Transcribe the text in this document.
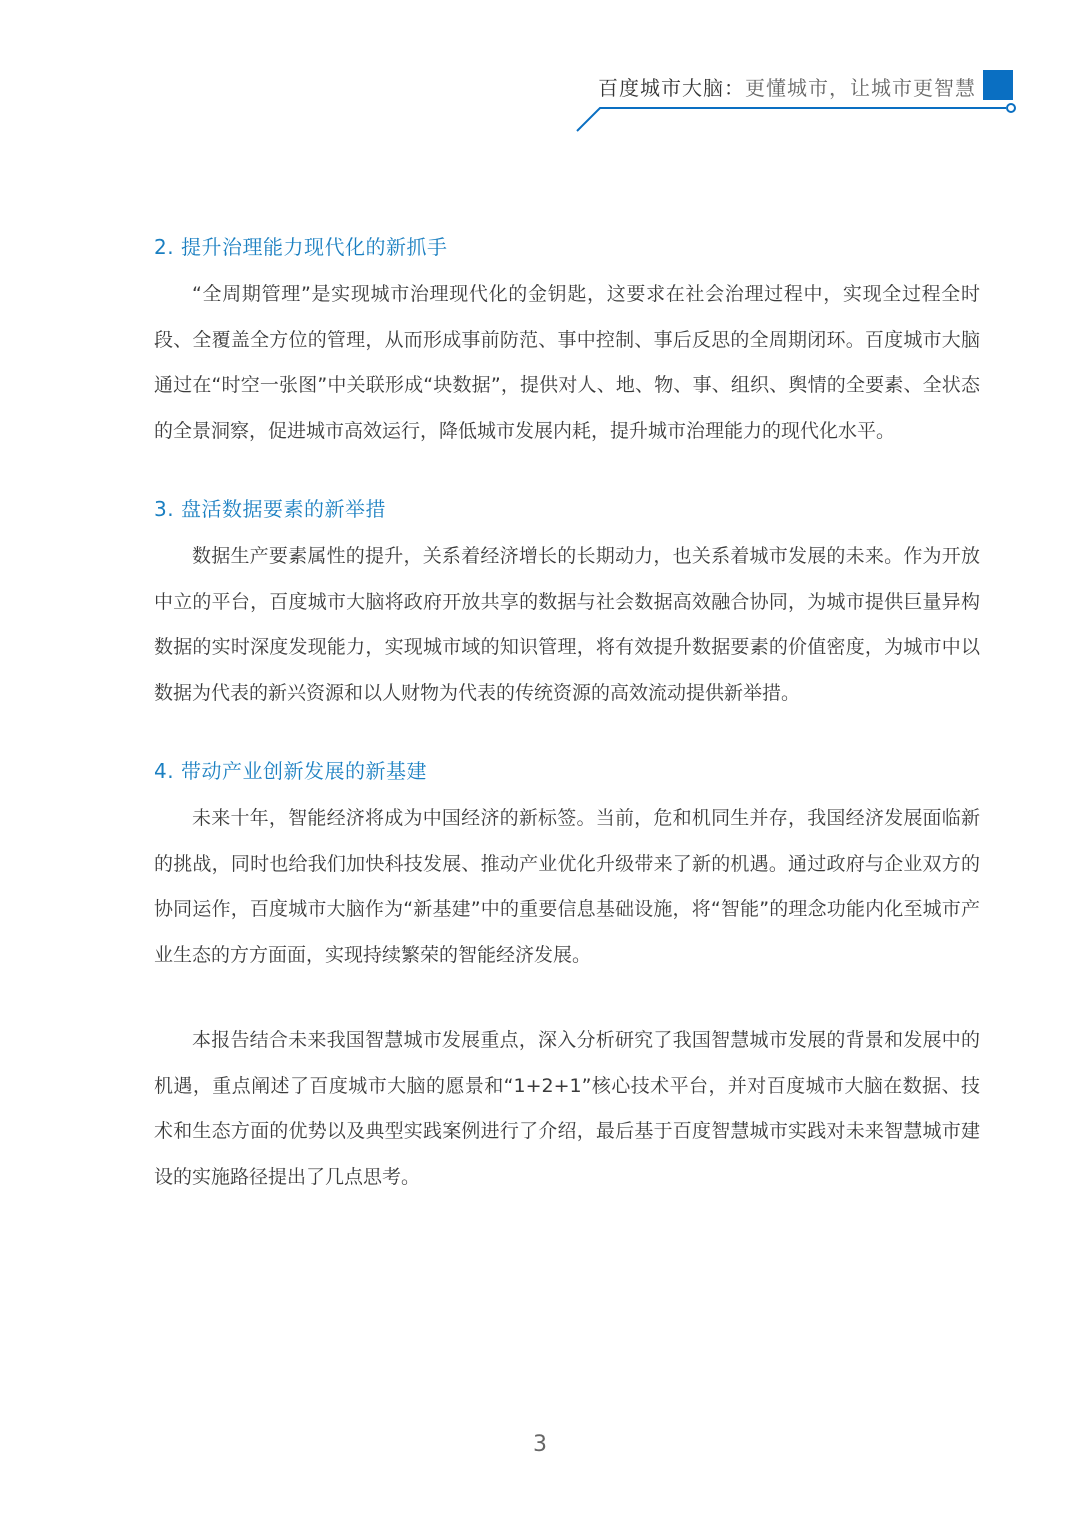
百度城市大脑：更懂城市，让城市更智慧
2. 提升治理能力现代化的新抓手

“全周期管理”是实现城市治理现代化的金钥匙，这要求在社会治理过程中，实现全过程全时段、全覆盖全方位的管理，从而形成事前防范、事中控制、事后反思的全周期闭环。百度城市大脑通过在“时空一张图”中关联形成“块数据”，提供对人、地、物、事、组织、舆情的全要素、全状态的全景洞察，促进城市高效运行，降低城市发展内耗，提升城市治理能力的现代化水平。

3. 盘活数据要素的新举措

数据生产要素属性的提升，关系着经济增长的长期动力，也关系着城市发展的未来。作为开放中立的平台，百度城市大脑将政府开放共享的数据与社会数据高效融合协同，为城市提供巨量异构数据的实时深度发现能力，实现城市域的知识管理，将有效提升数据要素的价值密度，为城市中以数据为代表的新兴资源和以人财物为代表的传统资源的高效流动提供新举措。

4. 带动产业创新发展的新基建

未来十年，智能经济将成为中国经济的新标签。当前，危和机同生并存，我国经济发展面临新的挑战，同时也给我们加快科技发展、推动产业优化升级带来了新的机遇。通过政府与企业双方的协同运作，百度城市大脑作为“新基建”中的重要信息基础设施，将“智能”的理念功能内化至城市产业生态的方方面面，实现持续繁荣的智能经济发展。

本报告结合未来我国智慧城市发展重点，深入分析研究了我国智慧城市发展的背景和发展中的机遇，重点阐述了百度城市大脑的愿景和“1+2+1”核心技术平台，并对百度城市大脑在数据、技术和生态方面的优势以及典型实践案例进行了介绍，最后基于百度智慧城市实践对未来智慧城市建设的实施路径提出了几点思考。

3
